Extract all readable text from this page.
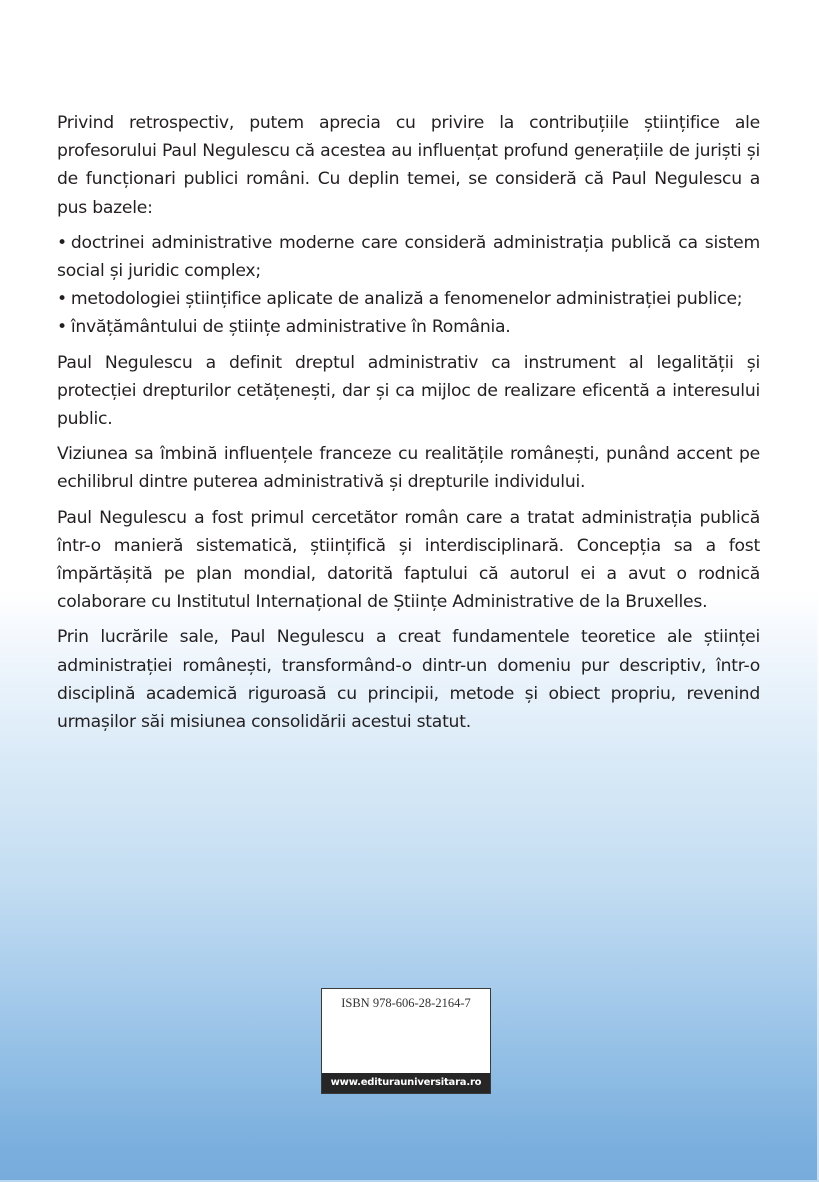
Privind retrospectiv, putem aprecia cu privire la contribuțiile științifice ale profesorului Paul Negulescu că acestea au influențat profund generațiile de juriști și de funcționari publici români. Cu deplin temei, se consideră că Paul Negulescu a pus bazele:

• doctrinei administrative moderne care consideră administrația publică ca sistem social și juridic complex;
• metodologiei științifice aplicate de analiză a fenomenelor administrației publice;
• învățământului de științe administrative în România.

Paul Negulescu a definit dreptul administrativ ca instrument al legalității și protecției drepturilor cetățenești, dar și ca mijloc de realizare eficentă a interesului public.

Viziunea sa îmbină influențele franceze cu realitățile românești, punând accent pe echilibrul dintre puterea administrativă și drepturile individului.

Paul Negulescu a fost primul cercetător român care a tratat administrația publică într-o manieră sistematică, științifică și interdisciplinară. Concepția sa a fost împărtășită pe plan mondial, datorită faptului că autorul ei a avut o rodnică colaborare cu Institutul Internațional de Științe Administrative de la Bruxelles.

Prin lucrările sale, Paul Negulescu a creat fundamentele teoretice ale științei administrației românești, transformând-o dintr-un domeniu pur descriptiv, într-o disciplină academică riguroasă cu principii, metode și obiect propriu, revenind urmașilor săi misiunea consolidării acestui statut.

ISBN 978-606-28-2164-7
www.editurauniversitara.ro
